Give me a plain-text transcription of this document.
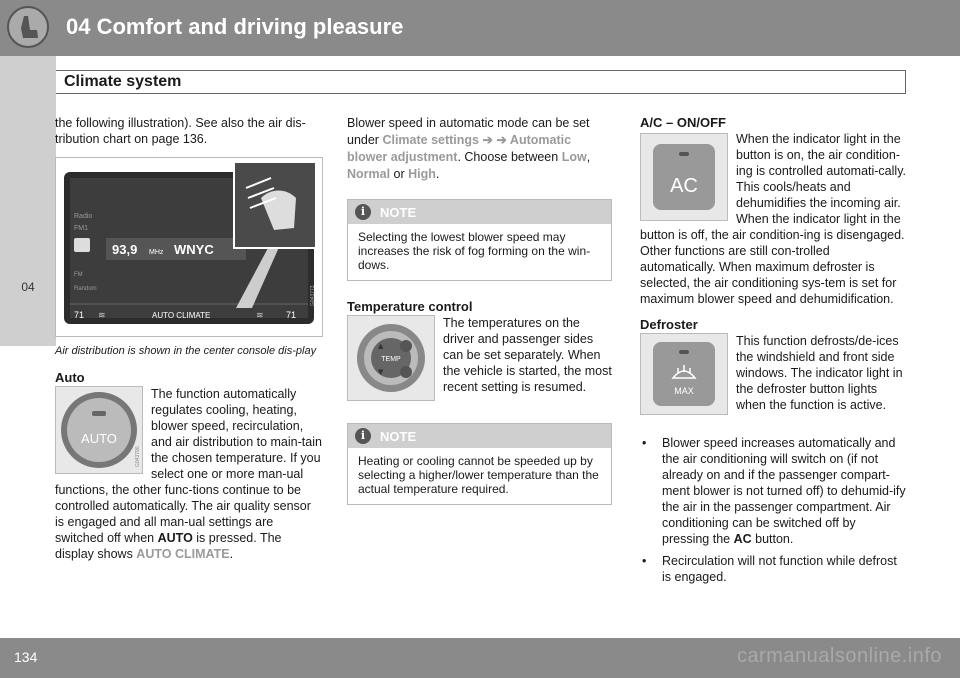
04 Comfort and driving pleasure
Climate system
04

the following illustration). See also the air dis-tribution chart on page 136.

Radio
FM1
FM
Random
93,9 MHz WNYC
71 ≋	AUTO CLIMATE	≋ 71
G043773

Air distribution is shown in the center console dis-play

Auto

AUTO
G043790

The function automatically regulates cooling, heating, blower speed, recirculation, and air distribution to main-tain the chosen temperature. If you select one or more man-ual functions, the other func-tions continue to be controlled automatically. The air quality sensor is engaged and all man-ual settings are switched off when AUTO is pressed. The display shows AUTO CLIMATE.

Blower speed in automatic mode can be set under Climate settings ➔ ➔ Automatic blower adjustment. Choose between Low, Normal or High.

i	NOTE
Selecting the lowest blower speed may increases the risk of fog forming on the win-dows.

Temperature control

TEMP
▲
▼

The temperatures on the driver and passenger sides can be set separately. When the vehicle is started, the most recent setting is resumed.

i	NOTE
Heating or cooling cannot be speeded up by selecting a higher/lower temperature than the actual temperature required.

A/C – ON/OFF

AC

When the indicator light in the button is on, the air condition-ing is controlled automati-cally. This cools/heats and dehumidifies the incoming air. When the indicator light in the button is off, the air condition-ing is disengaged. Other functions are still con-trolled automatically. When maximum defroster is selected, the air conditioning sys-tem is set for maximum blower speed and dehumidification.

Defroster

MAX

This function defrosts/de-ices the windshield and front side windows. The indicator light in the defroster button lights when the function is active.

• Blower speed increases automatically and the air conditioning will switch on (if not already on and if the passenger compart-ment blower is not turned off) to dehumid-ify the air in the passenger compartment. Air conditioning can be switched off by pressing the AC button.
• Recirculation will not function while defrost is engaged.
134	carmanualsonline.info
